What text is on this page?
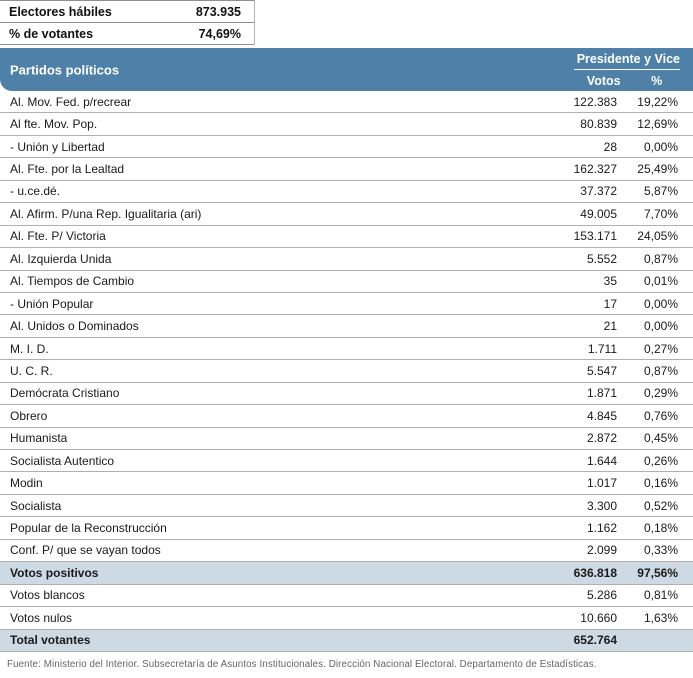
Electores hábiles	873.935
% de votantes	74,69%
Partidos políticos
Presidente y Vice
Votos	%
Al. Mov. Fed. p/recrear	122.383	19,22%
Al fte. Mov. Pop.	80.839	12,69%
- Unión y Libertad	28	0,00%
Al. Fte. por la Lealtad	162.327	25,49%
- u.ce.dé.	37.372	5,87%
Al. Afirm. P/una Rep. Igualitaria (ari)	49.005	7,70%
Al. Fte. P/ Victoria	153.171	24,05%
Al. Izquierda Unida	5.552	0,87%
Al. Tiempos de Cambio	35	0,01%
- Unión Popular	17	0,00%
Al. Unidos o Dominados	21	0,00%
M. I. D.	1.711	0,27%
U. C. R.	5.547	0,87%
Demócrata Cristiano	1.871	0,29%
Obrero	4.845	0,76%
Humanista	2.872	0,45%
Socialista Autentico	1.644	0,26%
Modin	1.017	0,16%
Socialista	3.300	0,52%
Popular de la Reconstrucción	1.162	0,18%
Conf. P/ que se vayan todos	2.099	0,33%
Votos positivos	636.818	97,56%
Votos blancos	5.286	0,81%
Votos nulos	10.660	1,63%
Total votantes	652.764
Fuente: Ministerio del Interior. Subsecretaría de Asuntos Institucionales. Dirección Nacional Electoral. Departamento de Estadísticas.
